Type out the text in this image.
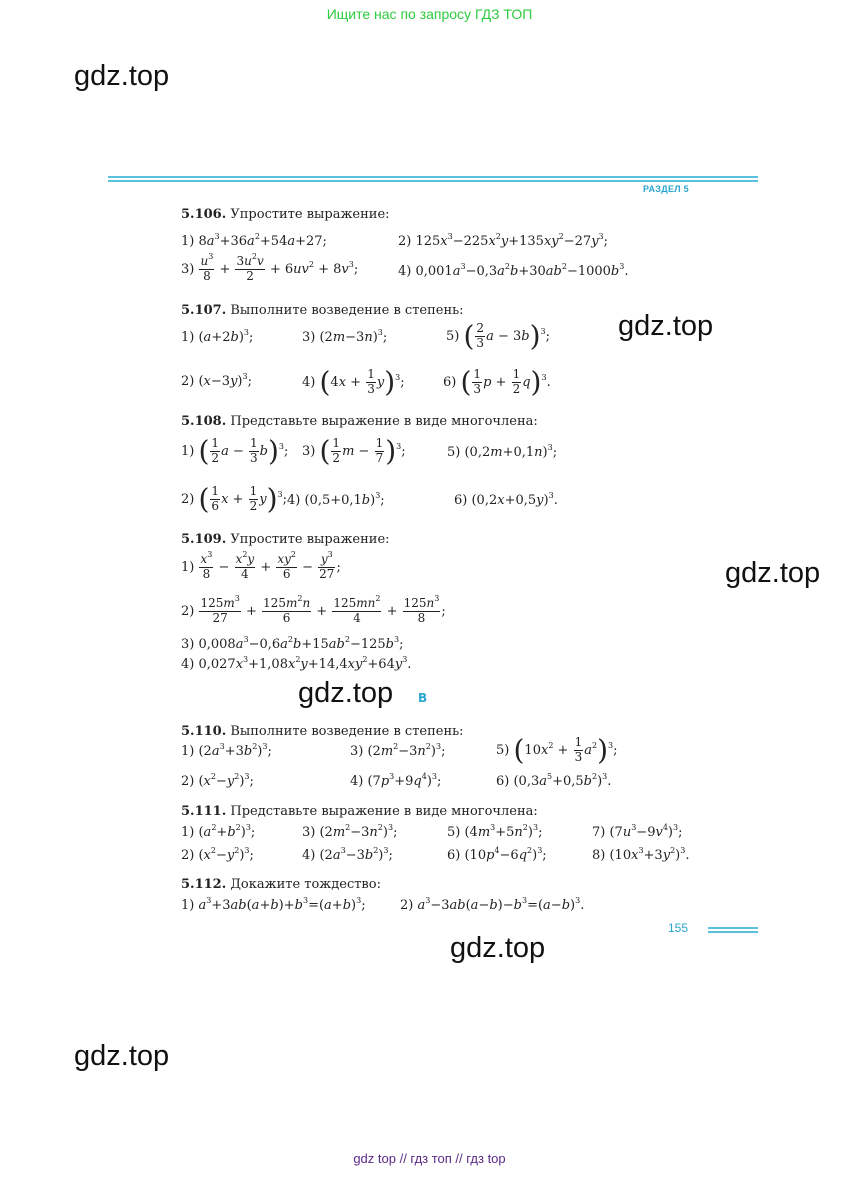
Ищите нас по запросу ГДЗ ТОП
gdz.top
gdz.top
gdz.top
gdz.top
gdz.top
gdz.top
РАЗДЕЛ 5
5.106. Упростите выражение:
1) $8a^3+36a^2+54a+27$;	2) $125x^3-225x^2y+135xy^2-27y^3$;
$3) \frac{u^3}{8} + \frac{3u^2v}{2} + 6uv^2 + 8v^3$;	4) $0,001a^3-0,3a^2b+30ab^2-1000b^3$.
5.107. Выполните возведение в степень:
1) $(a+2b)^3$;	3) $(2m-3n)^3$;	5) ( $\frac{2}{3}$ a − 3b)$^3$;
2) $(x-3y)^3$;	4) $(4x + \frac{1}{3} y)^3$;	6) ( $\frac{1}{3}$ $p + \frac{1}{2} q)^3$.
5.108. Представьте выражение в виде многочлена:
1) ( $\frac{1}{2}$ $a - \frac{1}{3} b)^3$; 3) ( $\frac{1}{2}$ $m - \frac{1}{7} )^3$;	5) $(0,2m+0,1n)^3$;
2) ( $\frac{1}{6}$ $x + \frac{1}{2} y)^3$; 4) $(0,5+0,1b)^3$;	6) $(0,2x+0,5y)^3$.
5.109. Упростите выражение:
$1) \frac{x^3}{8} - \frac{x^2y}{4} + \frac{xy^2}{6} - \frac{y^3}{27}$ ;
$2) \frac{125m^3}{27} + \frac{125m^2n}{6} + \frac{125mn^2}{4} + \frac{125n^3}{8}$ ;
3) $0,008a^3-0,6a^2b+15ab^2-125b^3$;
4) $0,027x^3+1,08x^2y+14,4xy^2+64y^3$.
В
5.110. Выполните возведение в степень:
1) $(2a^3+3b^2)^3$;	3) $(2m^2-3n^2)^3$;	5) $(10x^2 + \frac{1}{3} a^2)^3$;
2) $(x^2-y^2)^3$;	4) $(7p^3+9q^4)^3$;	6) $(0,3a^5+0,5b^2)^3$.
5.111. Представьте выражение в виде многочлена:
1) $(a^2+b^2)^3$;	3) $(2m^2-3n^2)^3$;	5) $(4m^3+5n^2)^3$;	7) $(7u^3-9v^4)^3$;
2) $(x^2-y^2)^3$;	4) $(2a^3-3b^2)^3$;	6) $(10p^4-6q^2)^3$;	8) $(10x^3+3y^2)^3$.
5.112. Докажите тождество:
1) $a^3+3ab(a+b)+b^3=(a+b)^3$;	2) $a^3-3ab(a-b)-b^3=(a-b)^3$.
155
gdz top // гдз топ // гдз top
